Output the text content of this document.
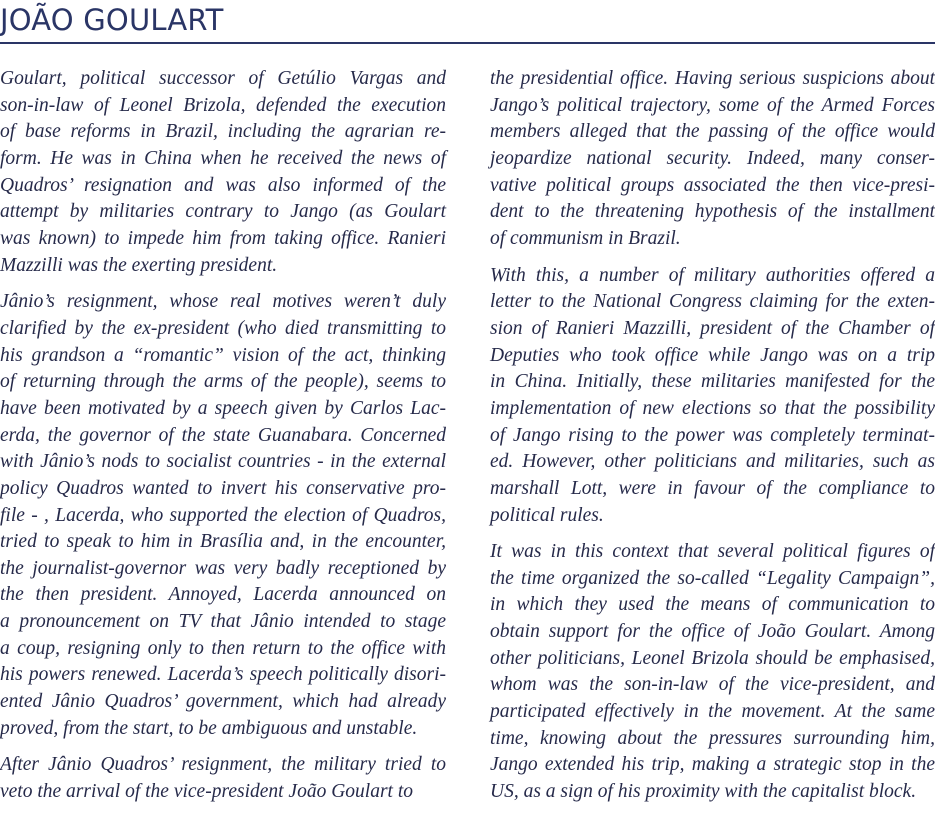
JOÃO GOULART

Goulart, political successor of Getúlio Vargas and
son-in-law of Leonel Brizola, defended the execution
of base reforms in Brazil, including the agrarian re-
form. He was in China when he received the news of
Quadros’ resignation and was also informed of the
attempt by militaries contrary to Jango (as Goulart
was known) to impede him from taking office. Ranieri
Mazzilli was the exerting president.

Jânio’s resignment, whose real motives weren’t duly
clarified by the ex-president (who died transmitting to
his grandson a “romantic” vision of the act, thinking
of returning through the arms of the people), seems to
have been motivated by a speech given by Carlos Lac-
erda, the governor of the state Guanabara. Concerned
with Jânio’s nods to socialist countries - in the external
policy Quadros wanted to invert his conservative pro-
file - , Lacerda, who supported the election of Quadros,
tried to speak to him in Brasília and, in the encounter,
the journalist-governor was very badly receptioned by
the then president. Annoyed, Lacerda announced on
a pronouncement on TV that Jânio intended to stage
a coup, resigning only to then return to the office with
his powers renewed. Lacerda’s speech politically disori-
ented Jânio Quadros’ government, which had already
proved, from the start, to be ambiguous and unstable.

After Jânio Quadros’ resignment, the military tried to
veto the arrival of the vice-president João Goulart to

the presidential office. Having serious suspicions about
Jango’s political trajectory, some of the Armed Forces
members alleged that the passing of the office would
jeopardize national security. Indeed, many conser-
vative political groups associated the then vice-presi-
dent to the threatening hypothesis of the installment
of communism in Brazil.

With this, a number of military authorities offered a
letter to the National Congress claiming for the exten-
sion of Ranieri Mazzilli, president of the Chamber of
Deputies who took office while Jango was on a trip
in China. Initially, these militaries manifested for the
implementation of new elections so that the possibility
of Jango rising to the power was completely terminat-
ed. However, other politicians and militaries, such as
marshall Lott, were in favour of the compliance to
political rules.

It was in this context that several political figures of
the time organized the so-called “Legality Campaign”,
in which they used the means of communication to
obtain support for the office of João Goulart. Among
other politicians, Leonel Brizola should be emphasised,
whom was the son-in-law of the vice-president, and
participated effectively in the movement. At the same
time, knowing about the pressures surrounding him,
Jango extended his trip, making a strategic stop in the
US, as a sign of his proximity with the capitalist block.
